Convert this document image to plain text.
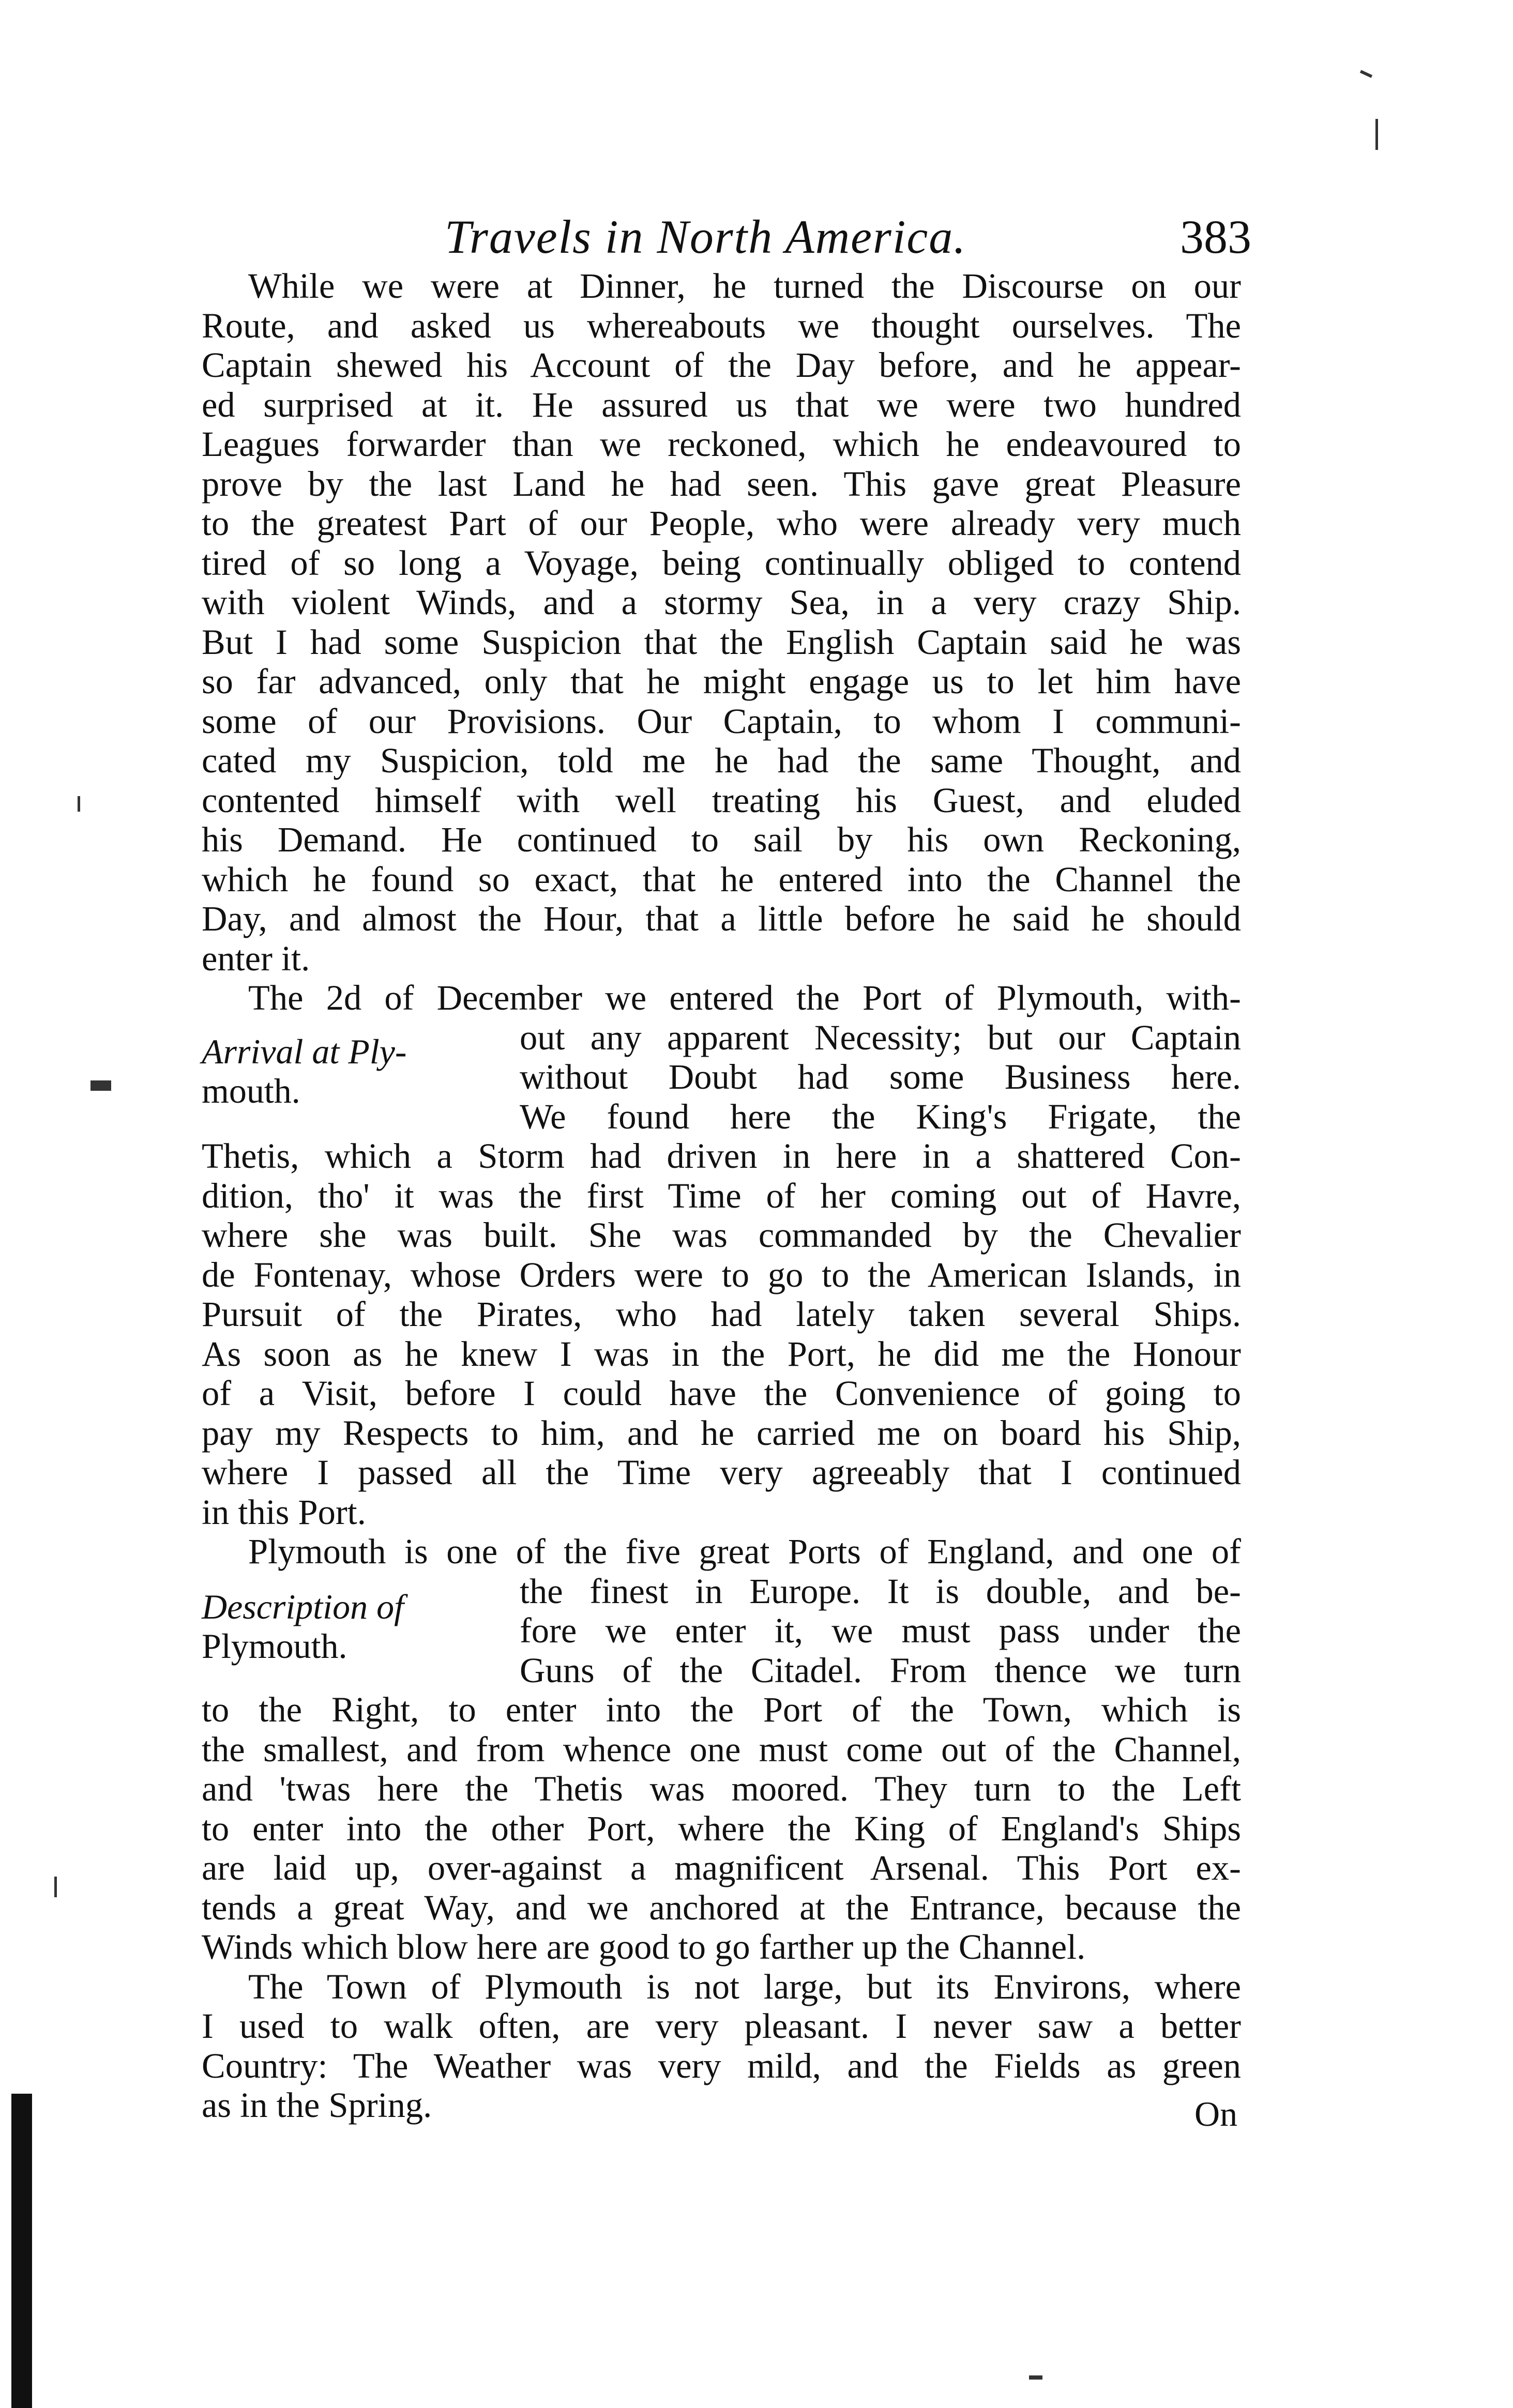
Travels in North America.	383
While we were at Dinner, he turned the Discourse on our
Route, and asked us whereabouts we thought ourselves. The
Captain shewed his Account of the Day before, and he appear-
ed surprised at it. He assured us that we were two hundred
Leagues forwarder than we reckoned, which he endeavoured to
prove by the last Land he had seen. This gave great Pleasure
to the greatest Part of our People, who were already very much
tired of so long a Voyage, being continually obliged to contend
with violent Winds, and a stormy Sea, in a very crazy Ship.
But I had some Suspicion that the English Captain said he was
so far advanced, only that he might engage us to let him have
some of our Provisions. Our Captain, to whom I communi-
cated my Suspicion, told me he had the same Thought, and
contented himself with well treating his Guest, and eluded
his Demand. He continued to sail by his own Reckoning,
which he found so exact, that he entered into the Channel the
Day, and almost the Hour, that a little before he said he should
enter it.
The 2d of December we entered the Port of Plymouth, with-
out any apparent Necessity; but our Captain
without Doubt had some Business here.
We found here the King's Frigate, the
Thetis, which a Storm had driven in here in a shattered Con-
dition, tho' it was the first Time of her coming out of Havre,
where she was built. She was commanded by the Chevalier
de Fontenay, whose Orders were to go to the American Islands, in
Pursuit of the Pirates, who had lately taken several Ships.
As soon as he knew I was in the Port, he did me the Honour
of a Visit, before I could have the Convenience of going to
pay my Respects to him, and he carried me on board his Ship,
where I passed all the Time very agreeably that I continued
in this Port.
Plymouth is one of the five great Ports of England, and one of
the finest in Europe. It is double, and be-
fore we enter it, we must pass under the
Guns of the Citadel. From thence we turn
to the Right, to enter into the Port of the Town, which is
the smallest, and from whence one must come out of the Channel,
and 'twas here the Thetis was moored. They turn to the Left
to enter into the other Port, where the King of England's Ships
are laid up, over-against a magnificent Arsenal. This Port ex-
tends a great Way, and we anchored at the Entrance, because the
Winds which blow here are good to go farther up the Channel.
The Town of Plymouth is not large, but its Environs, where
I used to walk often, are very pleasant. I never saw a better
Country: The Weather was very mild, and the Fields as green
as in the Spring.
Arrival at Ply-
mouth.
Description of
Plymouth.
On
